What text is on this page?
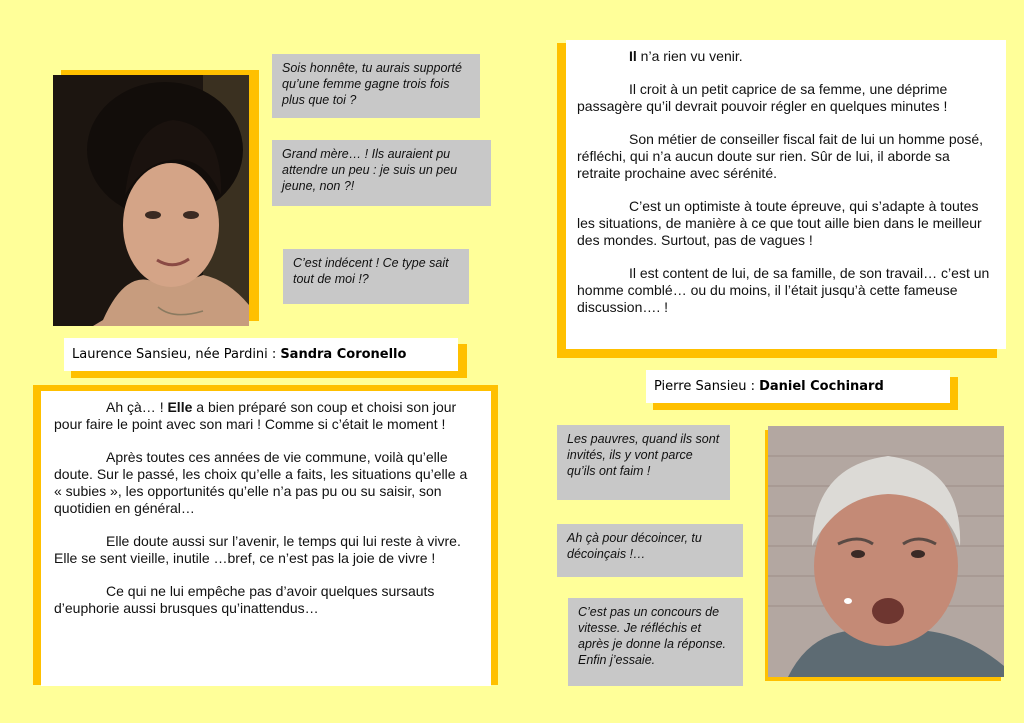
Sois honnête, tu aurais supporté qu’une femme gagne trois fois plus que toi ?
Grand mère… ! Ils auraient pu attendre un peu : je suis un peu jeune, non ?!
C’est indécent ! Ce type sait tout de moi !?
Laurence Sansieu, née Pardini : Sandra Coronello

Ah çà… ! Elle a bien préparé son coup et choisi son jour pour faire le point avec son mari ! Comme si c’était le moment !

Après toutes ces années de vie commune, voilà qu’elle doute. Sur le passé, les choix qu’elle a faits, les situations qu’elle a « subies », les opportunités qu’elle n’a pas pu ou su saisir, son quotidien en général…

Elle doute aussi sur l’avenir, le temps qui lui reste à vivre. Elle se sent vieille, inutile …bref, ce n’est pas la joie de vivre !

Ce qui ne lui empêche pas d’avoir quelques sursauts d’euphorie aussi brusques qu’inattendus…

Il n’a rien vu venir.

Il croit à un petit caprice de sa femme, une déprime passagère qu’il devrait pouvoir régler en quelques minutes !

Son métier de conseiller fiscal fait de lui un homme posé, réfléchi, qui n’a aucun doute sur rien. Sûr de lui, il aborde sa retraite prochaine avec sérénité.

C’est un optimiste à toute épreuve, qui s’adapte à toutes les situations, de manière à ce que tout aille bien dans le meilleur des mondes. Surtout, pas de vagues !

Il est content de lui, de sa famille, de son travail… c’est un homme comblé… ou du moins, il l’était jusqu’à cette fameuse discussion…. !

Pierre Sansieu : Daniel Cochinard
Les pauvres, quand ils sont invités, ils y vont parce qu’ils ont faim !
Ah çà pour décoincer, tu décoinçais !…
C’est pas un concours de vitesse. Je réfléchis et après je donne la réponse. Enfin j’essaie.
